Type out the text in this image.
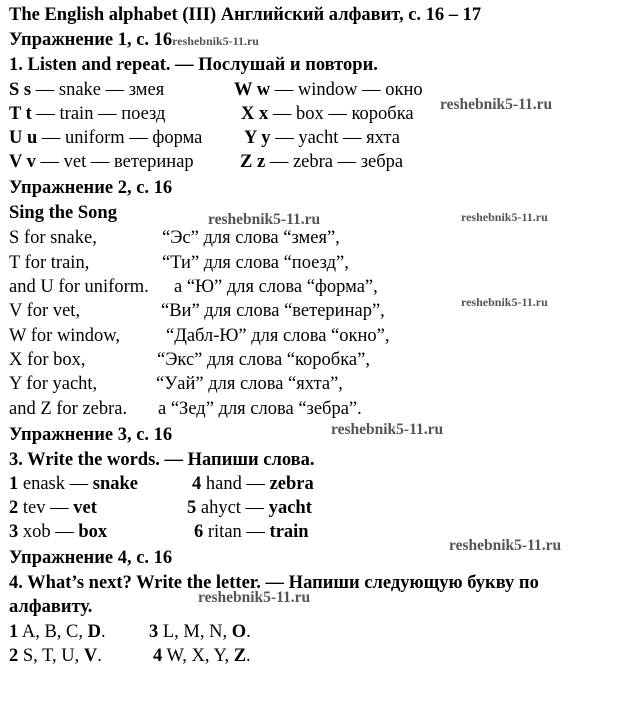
The English alphabet (III) Английский алфавит, с. 16 – 17
Упражнение 1, с. 16reshebnik5-11.ru
1. Listen and repeat. — Послушай и повтори.
S s — snake — змея	W w — window — окно
T t — train — поезд	X x — box — коробка
U u — uniform — форма Y y — yacht — яхта
V v — vet — ветеринар	Z z — zebra — зебра
Упражнение 2, с. 16
Sing the Song
S for snake,	“Эс” для слова “змея”,
T for train,	“Ти” для слова “поезд”,
and U for uniform. а “Ю” для слова “форма”,
V for vet,	“Ви” для слова “ветеринар”,
W for window, “Дабл-Ю” для слова “окно”,
X for box,	“Экс” для слова “коробка”,
Y for yacht,	“Уай” для слова “яхта”,
and Z for zebra. а “Зед” для слова “зебра”.
Упражнение 3, с. 16
3. Write the words. — Напиши слова.
1 enask — snake	4 hand — zebra
2 tev — vet	5 ahyct — yacht
3 xob — box	6 ritan — train
Упражнение 4, с. 16
4. What’s next? Write the letter. — Напиши следующую букву по
алфавиту.
1 A, B, C, D. 3 L, M, N, O.
2 S, T, U, V.	4 W, X, Y, Z.
reshebnik5-11.ru
reshebnik5-11.ru	reshebnik5-11.ru
reshebnik5-11.ru
reshebnik5-11.ru
reshebnik5-11.ru
reshebnik5-11.ru
